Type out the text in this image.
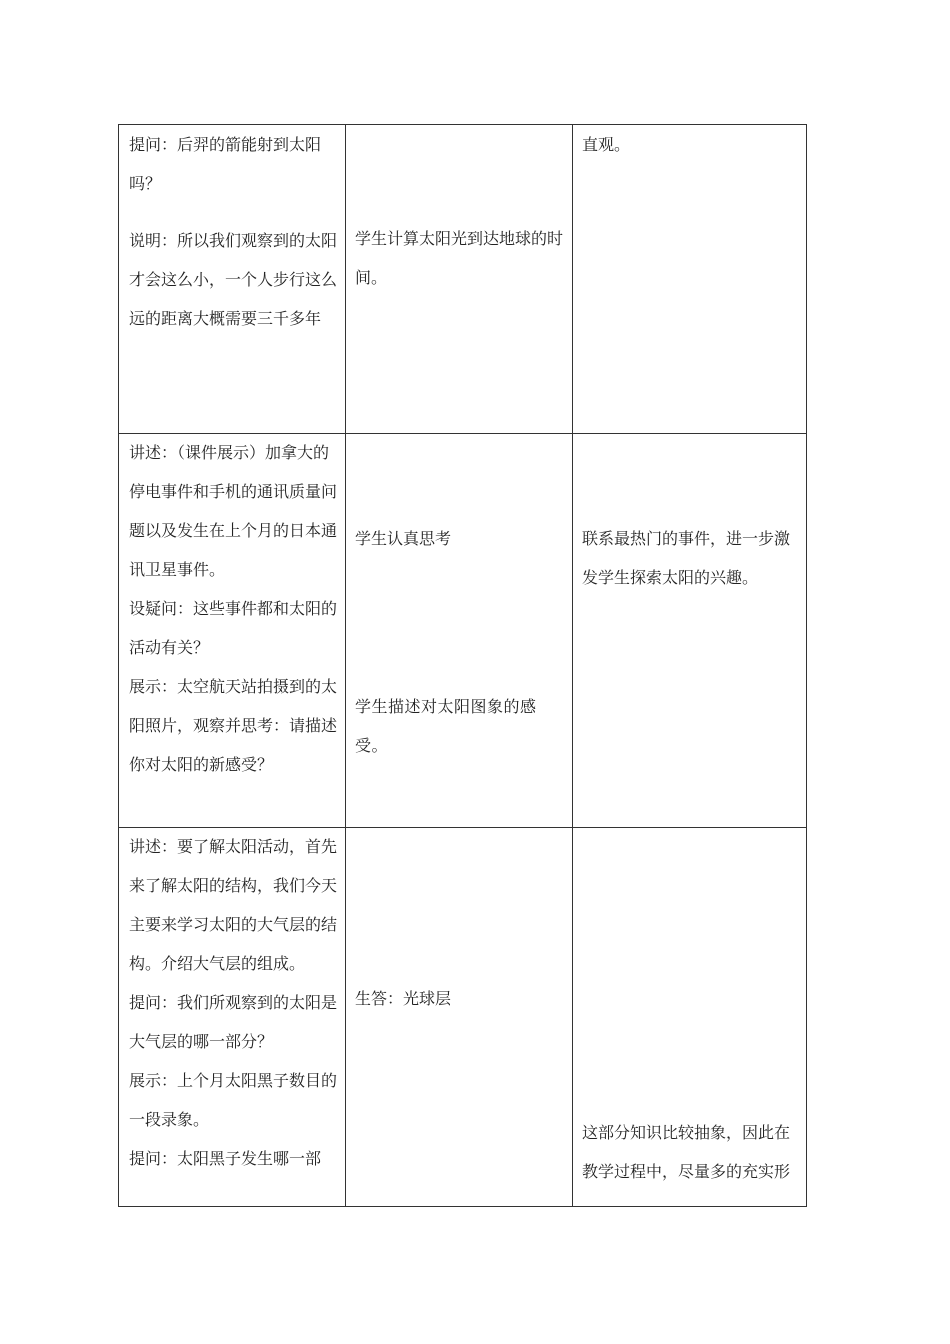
提问：后羿的箭能射到太阳吗？

说明：所以我们观察到的太阳才会这么小，一个人步行这么远的距离大概需要三千多年

学生计算太阳光到达地球的时间。

直观。

讲述：（课件展示）加拿大的停电事件和手机的通讯质量问题以及发生在上个月的日本通讯卫星事件。

设疑问：这些事件都和太阳的活动有关？

展示：太空航天站拍摄到的太阳照片，观察并思考：请描述你对太阳的新感受？

学生认真思考

学生描述对太阳图象的感受。

联系最热门的事件，进一步激发学生探索太阳的兴趣。

讲述：要了解太阳活动，首先来了解太阳的结构，我们今天主要来学习太阳的大气层的结构。介绍大气层的组成。

提问：我们所观察到的太阳是大气层的哪一部分？

展示：上个月太阳黑子数目的一段录象。

提问：太阳黑子发生哪一部

生答：光球层

这部分知识比较抽象，因此在教学过程中，尽量多的充实形
